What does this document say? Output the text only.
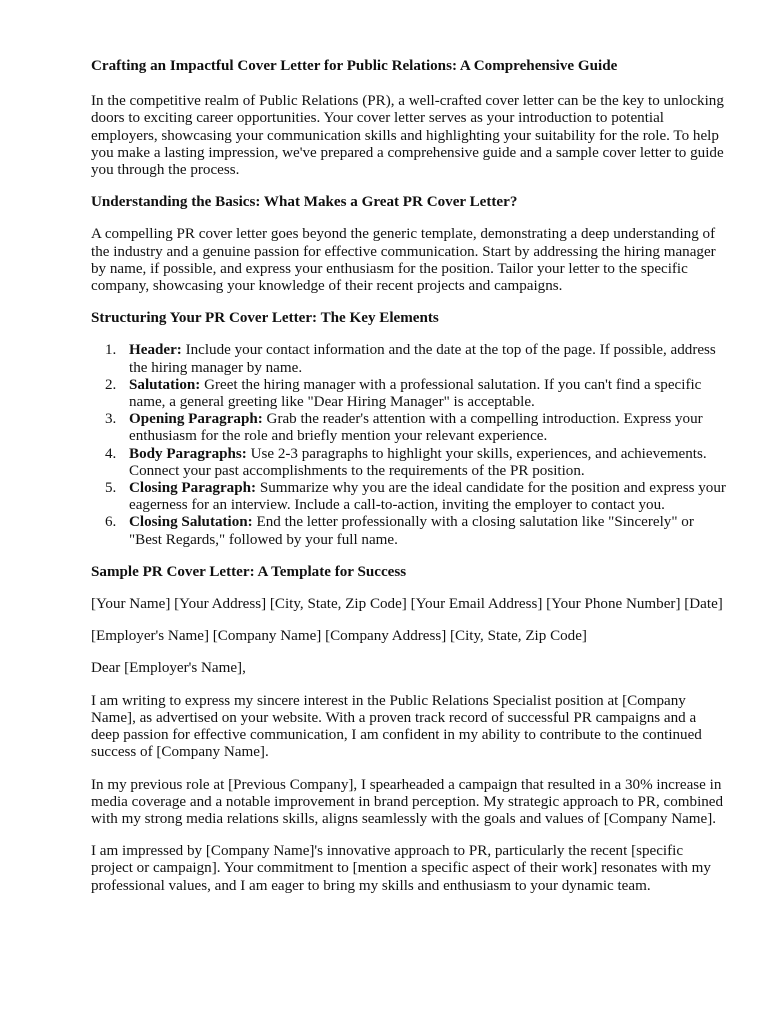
Crafting an Impactful Cover Letter for Public Relations: A Comprehensive Guide

In the competitive realm of Public Relations (PR), a well-crafted cover letter can be the key to unlocking doors to exciting career opportunities. Your cover letter serves as your introduction to potential employers, showcasing your communication skills and highlighting your suitability for the role. To help you make a lasting impression, we've prepared a comprehensive guide and a sample cover letter to guide you through the process.

Understanding the Basics: What Makes a Great PR Cover Letter?

A compelling PR cover letter goes beyond the generic template, demonstrating a deep understanding of the industry and a genuine passion for effective communication. Start by addressing the hiring manager by name, if possible, and express your enthusiasm for the position. Tailor your letter to the specific company, showcasing your knowledge of their recent projects and campaigns.

Structuring Your PR Cover Letter: The Key Elements
1. Header: Include your contact information and the date at the top of the page. If possible, address the hiring manager by name.
2. Salutation: Greet the hiring manager with a professional salutation. If you can't find a specific name, a general greeting like "Dear Hiring Manager" is acceptable.
3. Opening Paragraph: Grab the reader's attention with a compelling introduction. Express your enthusiasm for the role and briefly mention your relevant experience.
4. Body Paragraphs: Use 2-3 paragraphs to highlight your skills, experiences, and achievements. Connect your past accomplishments to the requirements of the PR position.
5. Closing Paragraph: Summarize why you are the ideal candidate for the position and express your eagerness for an interview. Include a call-to-action, inviting the employer to contact you.
6. Closing Salutation: End the letter professionally with a closing salutation like "Sincerely" or "Best Regards," followed by your full name.
Sample PR Cover Letter: A Template for Success

[Your Name] [Your Address] [City, State, Zip Code] [Your Email Address] [Your Phone Number] [Date]

[Employer's Name] [Company Name] [Company Address] [City, State, Zip Code]

Dear [Employer's Name],

I am writing to express my sincere interest in the Public Relations Specialist position at [Company Name], as advertised on your website. With a proven track record of successful PR campaigns and a deep passion for effective communication, I am confident in my ability to contribute to the continued success of [Company Name].

In my previous role at [Previous Company], I spearheaded a campaign that resulted in a 30% increase in media coverage and a notable improvement in brand perception. My strategic approach to PR, combined with my strong media relations skills, aligns seamlessly with the goals and values of [Company Name].

I am impressed by [Company Name]'s innovative approach to PR, particularly the recent [specific project or campaign]. Your commitment to [mention a specific aspect of their work] resonates with my professional values, and I am eager to bring my skills and enthusiasm to your dynamic team.
